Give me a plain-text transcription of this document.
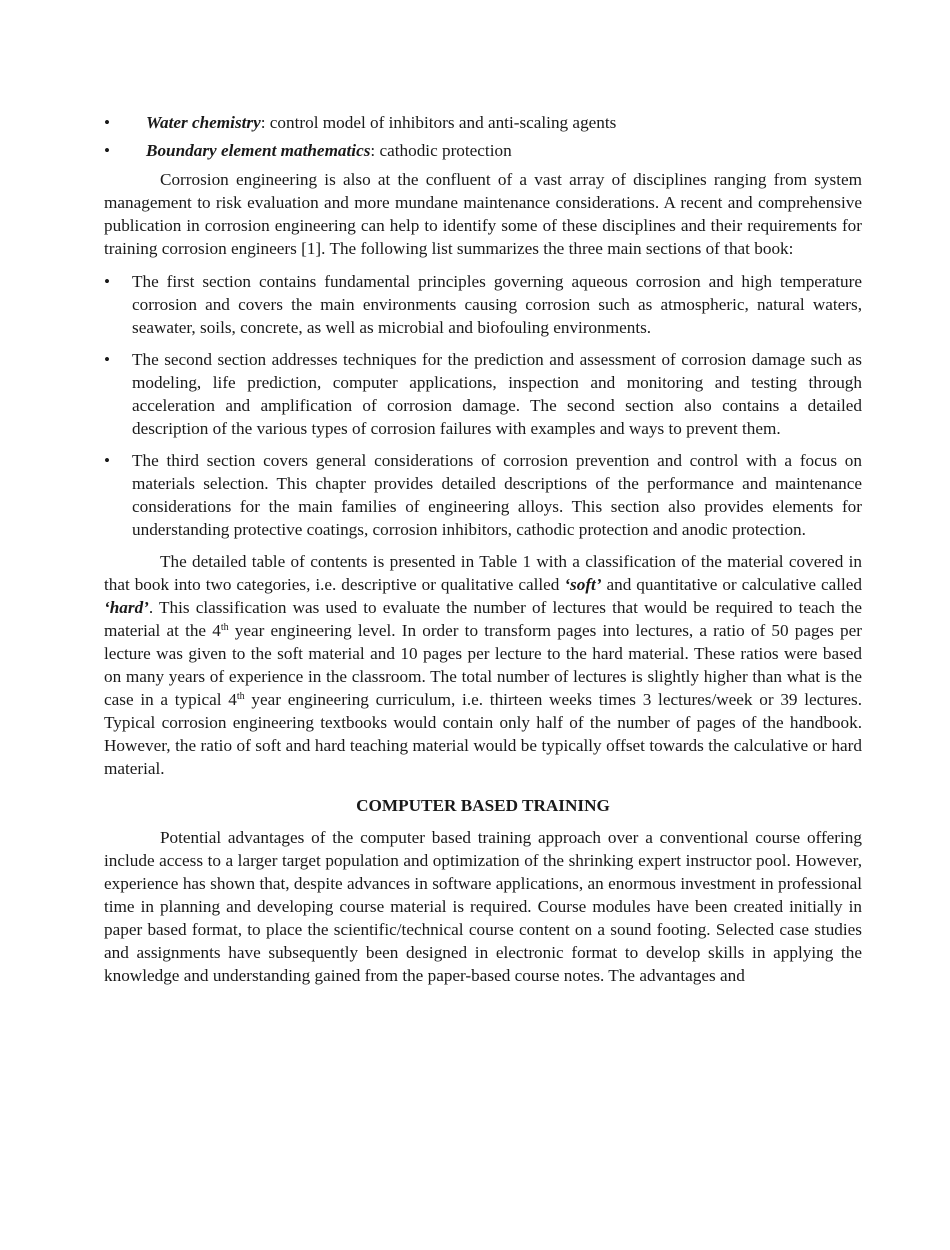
•	Water chemistry: control model of inhibitors and anti-scaling agents
•	Boundary element mathematics: cathodic protection

Corrosion engineering is also at the confluent of a vast array of disciplines ranging from system management to risk evaluation and more mundane maintenance considerations. A recent and comprehensive publication in corrosion engineering can help to identify some of these disciplines and their requirements for training corrosion engineers [1]. The following list summarizes the three main sections of that book:

•	The first section contains fundamental principles governing aqueous corrosion and high temperature corrosion and covers the main environments causing corrosion such as atmospheric, natural waters, seawater, soils, concrete, as well as microbial and biofouling environments.
•	The second section addresses techniques for the prediction and assessment of corrosion damage such as modeling, life prediction, computer applications, inspection and monitoring and testing through acceleration and amplification of corrosion damage. The second section also contains a detailed description of the various types of corrosion failures with examples and ways to prevent them.
•	The third section covers general considerations of corrosion prevention and control with a focus on materials selection. This chapter provides detailed descriptions of the performance and maintenance considerations for the main families of engineering alloys. This section also provides elements for understanding protective coatings, corrosion inhibitors, cathodic protection and anodic protection.

The detailed table of contents is presented in Table 1 with a classification of the material covered in that book into two categories, i.e. descriptive or qualitative called ‘soft’ and quantitative or calculative called ‘hard’. This classification was used to evaluate the number of lectures that would be required to teach the material at the 4th year engineering level. In order to transform pages into lectures, a ratio of 50 pages per lecture was given to the soft material and 10 pages per lecture to the hard material. These ratios were based on many years of experience in the classroom. The total number of lectures is slightly higher than what is the case in a typical 4th year engineering curriculum, i.e. thirteen weeks times 3 lectures/week or 39 lectures. Typical corrosion engineering textbooks would contain only half of the number of pages of the handbook. However, the ratio of soft and hard teaching material would be typically offset towards the calculative or hard material.

COMPUTER BASED TRAINING

Potential advantages of the computer based training approach over a conventional course offering include access to a larger target population and optimization of the shrinking expert instructor pool. However, experience has shown that, despite advances in software applications, an enormous investment in professional time in planning and developing course material is required. Course modules have been created initially in paper based format, to place the scientific/technical course content on a sound footing. Selected case studies and assignments have subsequently been designed in electronic format to develop skills in applying the knowledge and understanding gained from the paper-based course notes. The advantages and
